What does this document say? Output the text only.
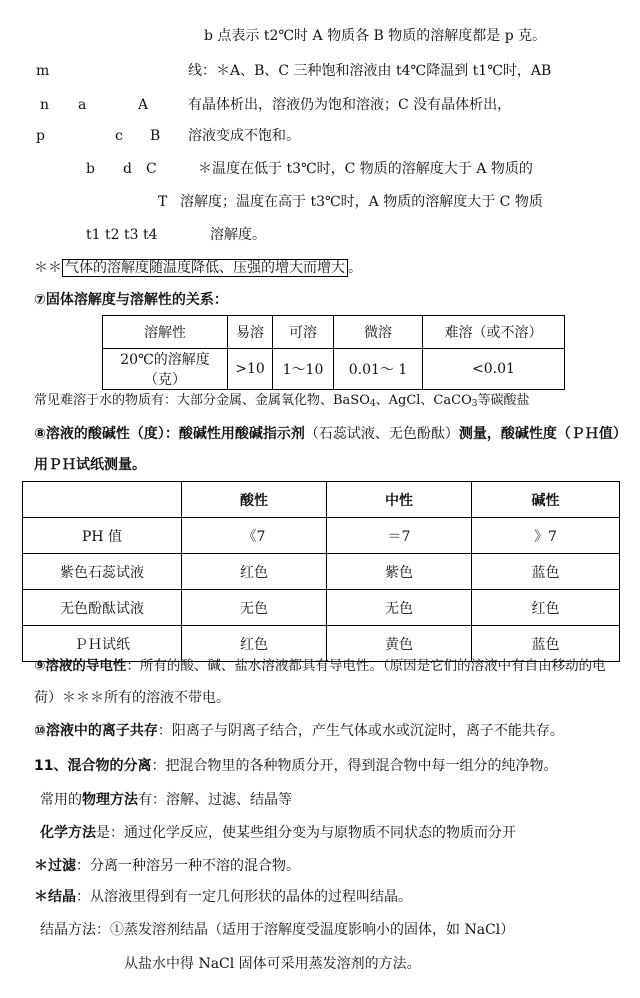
b 点表示 t2℃时 A 物质各 B 物质的溶解度都是 p 克。
m	线：＊A、B、C 三种饱和溶液由 t4℃降温到 t1℃时，AB
n a	A	有晶体析出，溶液仍为饱和溶液；C 没有晶体析出，
p	c B 溶液变成不饱和。
b d C	＊温度在低于 t3℃时，C 物质的溶解度大于 A 物质的
T 溶解度；温度在高于 t3℃时，A 物质的溶解度大于 C 物质
t1 t2 t3 t4	溶解度。
＊＊ 气体的溶解度随温度降低、压强的增大而增大 。
⑦固体溶解度与溶解性的关系：
溶解性	易溶	可溶	微溶	难溶（或不溶）
20℃的溶解度（克）	>10	1～10	0.01～ 1	<0.01
常见难溶于水的物质有：大部分金属、金属氧化物、BaSO$_4$、AgCl、CaCO$_3$等碳酸盐
⑧溶液的酸碱性（度）：酸碱性用酸碱指示剂（石蕊试液、无色酚酞）测量，酸碱性度（ＰＨ值）
用ＰＨ试纸测量。
	酸性	中性	碱性
PH 值	《7	＝7	》7
紫色石蕊试液	红色	紫色	蓝色
无色酚酞试液	无色	无色	红色
ＰＨ试纸	红色	黄色	蓝色
⑨溶液的导电性：所有的酸、碱、盐水溶液都具有导电性。（原因是它们的溶液中有自由移动的电
荷）＊＊＊所有的溶液不带电。
⑩溶液中的离子共存：阳离子与阴离子结合，产生气体或水或沉淀时，离子不能共存。
11、混合物的分离：把混合物里的各种物质分开，得到混合物中每一组分的纯净物。
常用的物理方法有：溶解、过滤、结晶等
化学方法是：通过化学反应，使某些组分变为与原物质不同状态的物质而分开
＊过滤：分离一种溶另一种不溶的混合物。
＊结晶：从溶液里得到有一定几何形状的晶体的过程叫结晶。
结晶方法：①蒸发溶剂结晶（适用于溶解度受温度影响小的固体，如 NaCl）
从盐水中得 NaCl 固体可采用蒸发溶剂的方法。
